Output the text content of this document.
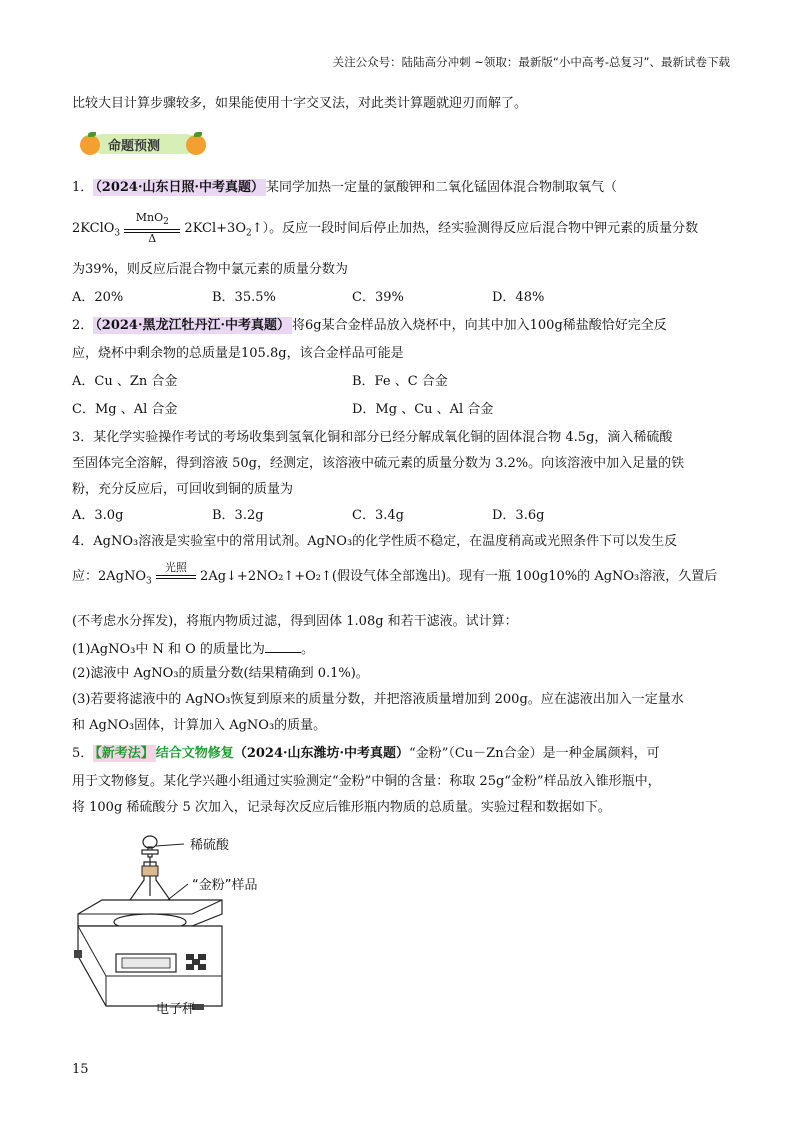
关注公众号：陆陆高分冲刺 ~领取：最新版“小中高考-总复习”、最新试卷下载
比较大目计算步骤较多，如果能使用十字交叉法，对此类计算题就迎刃而解了。
命题预测
1． （2024·山东日照·中考真题） 某同学加热一定量的氯酸钾和二氧化锰固体混合物制取氧气（
2KClO$_3$ $\frac{MnO_2}{\Delta}$ $2KCl+3O_2↑$）。反应一段时间后停止加热，经实验测得反应后混合物中钾元素的质量分数
为39%，则反应后混合物中氯元素的质量分数为
A．20%	B．35.5%	C．39%	D．48%
2． （2024·黑龙江牡丹江·中考真题） 将6g某合金样品放入烧杯中，向其中加入100g稀盐酸恰好完全反
应，烧杯中剩余物的总质量是105.8g，该合金样品可能是
A．Cu 、Zn 合金	B．Fe 、C 合金
C．Mg 、Al 合金	D．Mg 、Cu 、Al 合金
3．某化学实验操作考试的考场收集到氢氧化铜和部分已经分解成氧化铜的固体混合物 4.5g，滴入稀硫酸
至固体完全溶解，得到溶液 50g，经测定，该溶液中硫元素的质量分数为 3.2%。向该溶液中加入足量的铁
粉，充分反应后，可回收到铜的质量为
A．3.0g	B．3.2g	C．3.4g	D．3.6g
4．AgNO₃溶液是实验室中的常用试剂。AgNO₃的化学性质不稳定，在温度稍高或光照条件下可以发生反
应：2AgNO$_3$
光照

2Ag↓+2NO₂↑+O₂↑(假设气体全部逸出)。现有一瓶 100g10%的 AgNO₃溶液，久置后
(不考虑水分挥发)，将瓶内物质过滤，得到固体 1.08g 和若干滤液。试计算：
(1)AgNO₃中 N 和 O 的质量比为	。
(2)滤液中 AgNO₃的质量分数(结果精确到 0.1%)。
(3)若要将滤液中的 AgNO₃恢复到原来的质量分数，并把溶液质量增加到 200g。应在滤液出加入一定量水
和 AgNO₃固体，计算加入 AgNO₃的质量。
5． 【新考法】 结合文物修复（2024·山东潍坊·中考真题）“金粉”（Cu－Zn合金）是一种金属颜料，可
用于文物修复。某化学兴趣小组通过实验测定“金粉”中铜的含量：称取 25g“金粉”样品放入锥形瓶中，
将 100g 稀硫酸分 5 次加入，记录每次反应后锥形瓶内物质的总质量。实验过程和数据如下。
稀硫酸
“金粉”样品
电子秤
15
